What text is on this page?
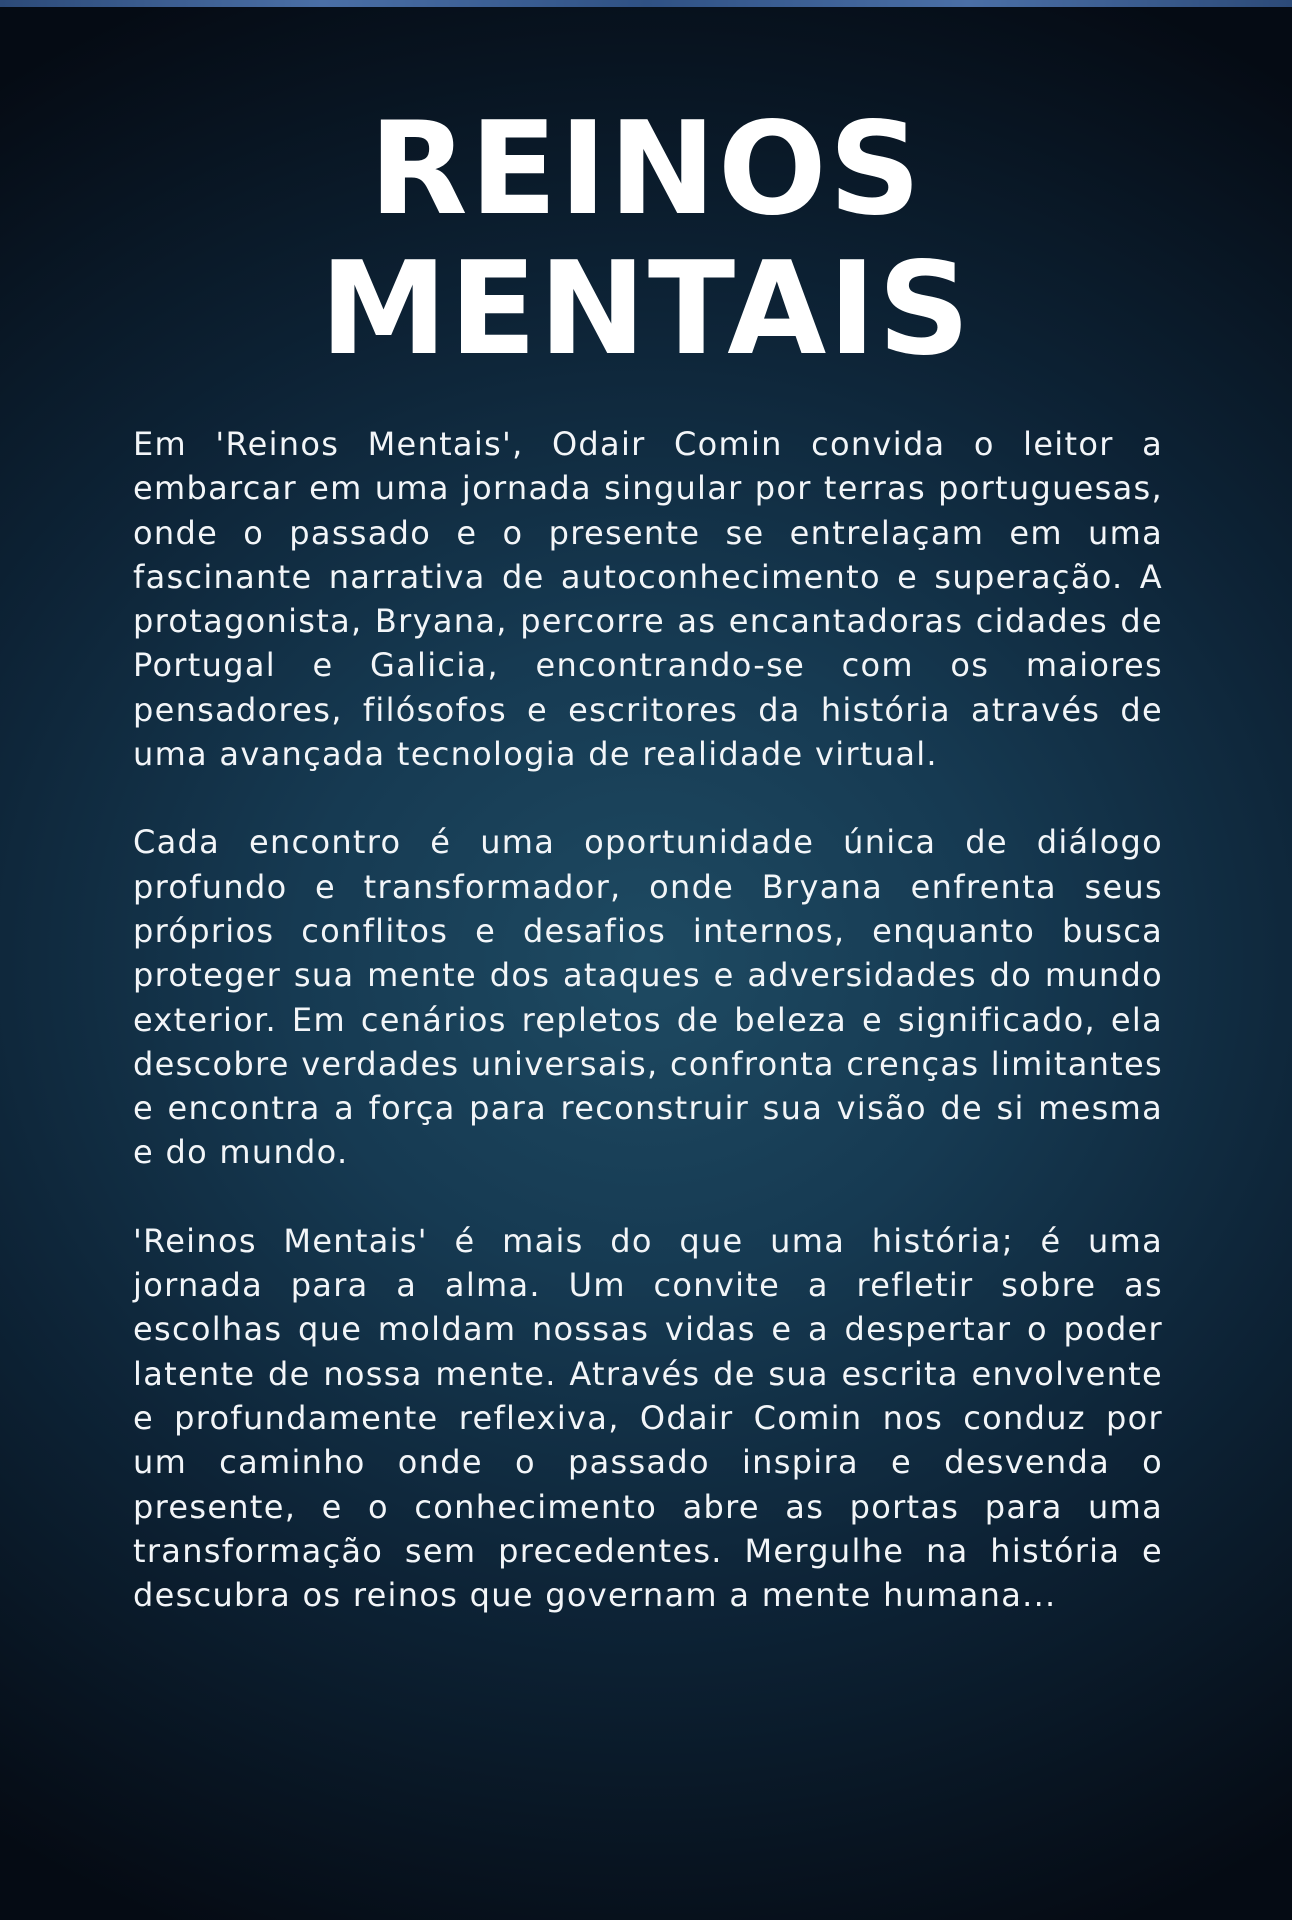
REINOS
MENTAIS

Em 'Reinos Mentais', Odair Comin convida o leitor a embarcar em uma jornada singular por terras portuguesas, onde o passado e o presente se entrelaçam em uma fascinante narrativa de autoconhecimento e superação. A protagonista, Bryana, percorre as encantadoras cidades de Portugal e Galicia, encontrando-se com os maiores pensadores, filósofos e escritores da história através de uma avançada tecnologia de realidade virtual.

Cada encontro é uma oportunidade única de diálogo profundo e transformador, onde Bryana enfrenta seus próprios conflitos e desafios internos, enquanto busca proteger sua mente dos ataques e adversidades do mundo exterior. Em cenários repletos de beleza e significado, ela descobre verdades universais, confronta crenças limitantes e encontra a força para reconstruir sua visão de si mesma e do mundo.

'Reinos Mentais' é mais do que uma história; é uma jornada para a alma. Um convite a refletir sobre as escolhas que moldam nossas vidas e a despertar o poder latente de nossa mente. Através de sua escrita envolvente e profundamente reflexiva, Odair Comin nos conduz por um caminho onde o passado inspira e desvenda o presente, e o conhecimento abre as portas para uma transformação sem precedentes. Mergulhe na história e descubra os reinos que governam a mente humana...
